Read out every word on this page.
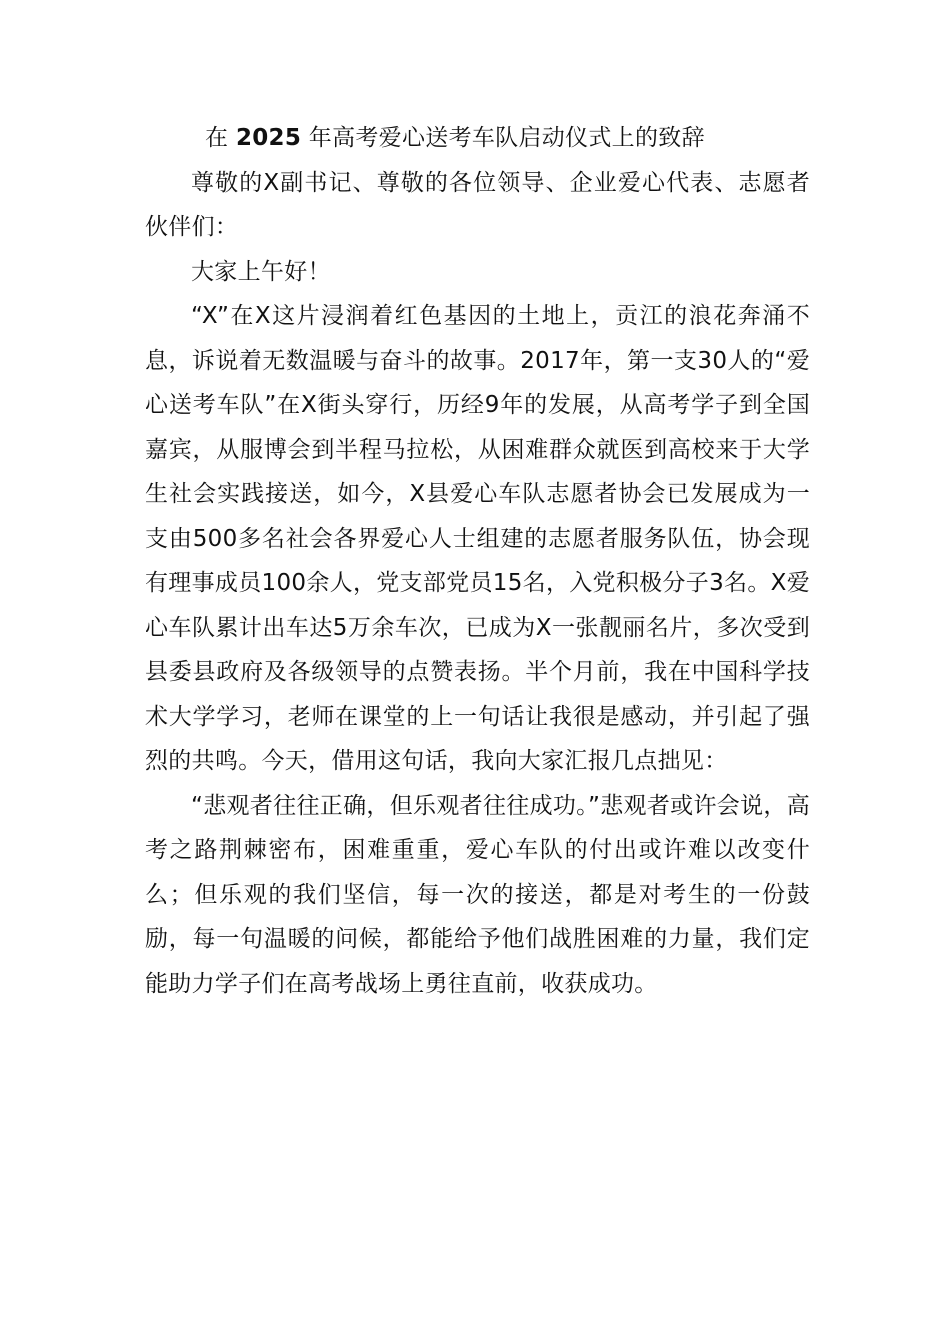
在 2025 年高考爱心送考车队启动仪式上的致辞

尊敬的X副书记、尊敬的各位领导、企业爱心代表、志愿者伙伴们：

大家上午好！

“X”在X这片浸润着红色基因的土地上，贡江的浪花奔涌不息，诉说着无数温暖与奋斗的故事。2017年，第一支30人的“爱心送考车队”在X街头穿行，历经9年的发展，从高考学子到全国嘉宾，从服博会到半程马拉松，从困难群众就医到高校来于大学生社会实践接送，如今，X县爱心车队志愿者协会已发展成为一支由500多名社会各界爱心人士组建的志愿者服务队伍，协会现有理事成员100余人，党支部党员15名，入党积极分子3名。X爱心车队累计出车达5万余车次，已成为X一张靓丽名片，多次受到县委县政府及各级领导的点赞表扬。半个月前，我在中国科学技术大学学习，老师在课堂的上一句话让我很是感动，并引起了强烈的共鸣。今天，借用这句话，我向大家汇报几点拙见：

“悲观者往往正确，但乐观者往往成功。”悲观者或许会说，高考之路荆棘密布，困难重重，爱心车队的付出或许难以改变什么；但乐观的我们坚信，每一次的接送，都是对考生的一份鼓励，每一句温暖的问候，都能给予他们战胜困难的力量，我们定能助力学子们在高考战场上勇往直前，收获成功。
